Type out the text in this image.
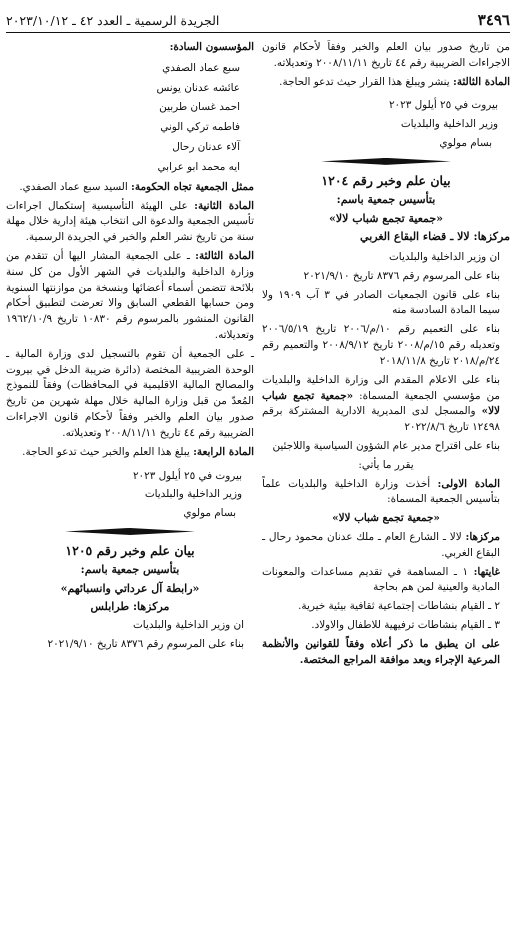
٣٤٩٦
الجريدة الرسمية ـ العدد ٤٢ ـ ٢٠٢٣/١٠/١٢

من تاريخ صدور بيان العلم والخبر وفقاً لأحكام قانون الاجراءات الضريبية رقم ٤٤ تاريخ ٢٠٠٨/١١/١١ وتعديلاته.

المادة الثالثة: ينشر ويبلغ هذا القرار حيث تدعو الحاجة.

بيروت في ٢٥ أيلول ٢٠٢٣

وزير الداخلية والبلديات

بسام مولوي

بيان علم وخبر رقم ١٢٠٤

بتأسيس جمعية باسم:

«جمعية تجمع شباب لالا»

مركزها: لالا ـ قضاء البقاع الغربي

ان وزير الداخلية والبلديات

بناء على المرسوم رقم ٨٣٧٦ تاريخ ٢٠٢١/٩/١٠

بناء على قانون الجمعيات الصادر في ٣ آب ١٩٠٩ ولا سيما المادة السادسة منه

بناء على التعميم رقم ١٠/م/٢٠٠٦ تاريخ ٢٠٠٦/٥/١٩ وتعديله رقم ١٥/م/٢٠٠٨ تاريخ ٢٠٠٨/٩/١٢ والتعميم رقم ٢٤/م/٢٠١٨ تاريخ ٢٠١٨/١١/٨

بناء على الاعلام المقدم الى وزارة الداخلية والبلديات من مؤسسي الجمعية المسماة: «جمعية تجمع شباب لالا» والمسجل لدى المديرية الادارية المشتركة برقم ١٢٤٩٨ تاريخ ٢٠٢٢/٨/٦

بناء على اقتراح مدير عام الشؤون السياسية واللاجئين

يقرر ما يأتي:

المادة الاولى: أخذت وزارة الداخلية والبلديات علماً بتأسيس الجمعية المسماة:

«جمعية تجمع شباب لالا»

مركزها: لالا ـ الشارع العام ـ ملك عدنان محمود رحال ـ البقاع الغربي.

غايتها: ١ ـ المساهمة في تقديم مساعدات والمعونات المادية والعينية لمن هم بحاجة

٢ ـ القيام بنشاطات إجتماعية ثقافية بيئية خيرية.

٣ ـ القيام بنشاطات ترفيهية للاطفال والاولاد.

على ان يطبق ما ذكر أعلاه وفقاً للقوانين والأنظمة المرعية الإجراء وبعد موافقة المراجع المختصة.

المؤسسون السادة:

سبع عماد الصفدي

عائشه عدنان يونس

احمد غسان طربين

فاطمه تركي الوني

آلاء عدنان رحال

ايه محمد ابو عرابي

ممثل الجمعية تجاه الحكومة: السيد سبع عماد الصفدي.

المادة الثانية: على الهيئة التأسيسية إستكمال اجراءات تأسيس الجمعية والدعوة الى انتخاب هيئة إدارية خلال مهلة سنة من تاريخ نشر العلم والخبر في الجريدة الرسمية.

المادة الثالثة: ـ على الجمعية المشار اليها أن تتقدم من وزارة الداخلية والبلديات في الشهر الأول من كل سنة بلائحة تتضمن أسماء أعضائها وبنسخة من موازنتها السنوية ومن حسابها القطعي السابق والا تعرضت لتطبيق أحكام القانون المنشور بالمرسوم رقم ١٠٨٣٠ تاريخ ١٩٦٢/١٠/٩ وتعديلاته.

ـ على الجمعية أن تقوم بالتسجيل لدى وزارة المالية ـ الوحدة الضريبية المختصة (دائرة ضريبة الدخل في بيروت والمصالح المالية الاقليمية في المحافظات) وفقاً للنموذج المُعدّ من قبل وزارة المالية خلال مهلة شهرين من تاريخ صدور بيان العلم والخبر وفقاً لأحكام قانون الاجراءات الضريبية رقم ٤٤ تاريخ ٢٠٠٨/١١/١١ وتعديلاته.

المادة الرابعة: يبلغ هذا العلم والخبر حيث تدعو الحاجة.

بيروت في ٢٥ أيلول ٢٠٢٣

وزير الداخلية والبلديات

بسام مولوي

بيان علم وخبر رقم ١٢٠٥

بتأسيس جمعية باسم:

«رابطة آل عرداتي وانسبائهم»

مركزها: طرابلس

ان وزير الداخلية والبلديات

بناء على المرسوم رقم ٨٣٧٦ تاريخ ٢٠٢١/٩/١٠
